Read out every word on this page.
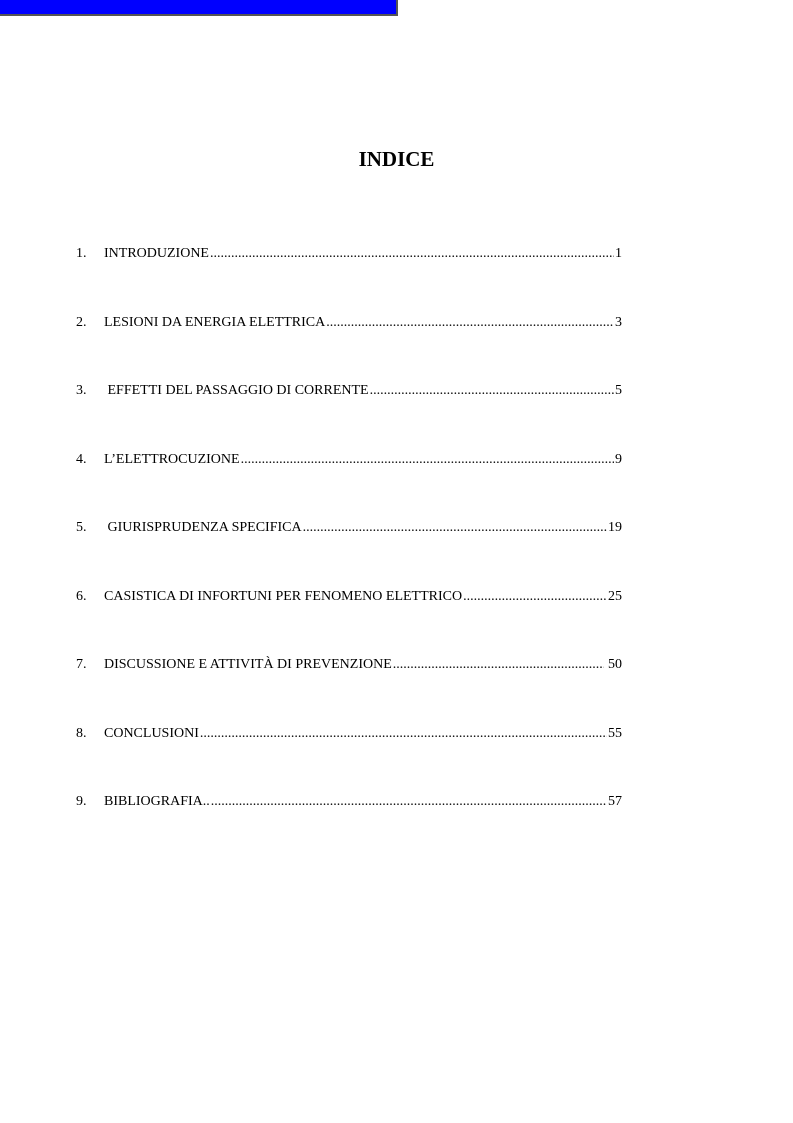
INDICE
1.	INTRODUZIONE .....	1
2.	LESIONI DA ENERGIA ELETTRICA .....	3
3.	EFFETTI DEL PASSAGGIO DI CORRENTE .....	5
4.	L’ELETTROCUZIONE .....	9
5.	GIURISPRUDENZA SPECIFICA .....	19
6.	CASISTICA DI INFORTUNI PER FENOMENO ELETTRICO .....	25
7.	DISCUSSIONE E ATTIVITÀ DI PREVENZIONE .....	50
8.	CONCLUSIONI .....	55
9.	BIBLIOGRAFIA.. .....	57
